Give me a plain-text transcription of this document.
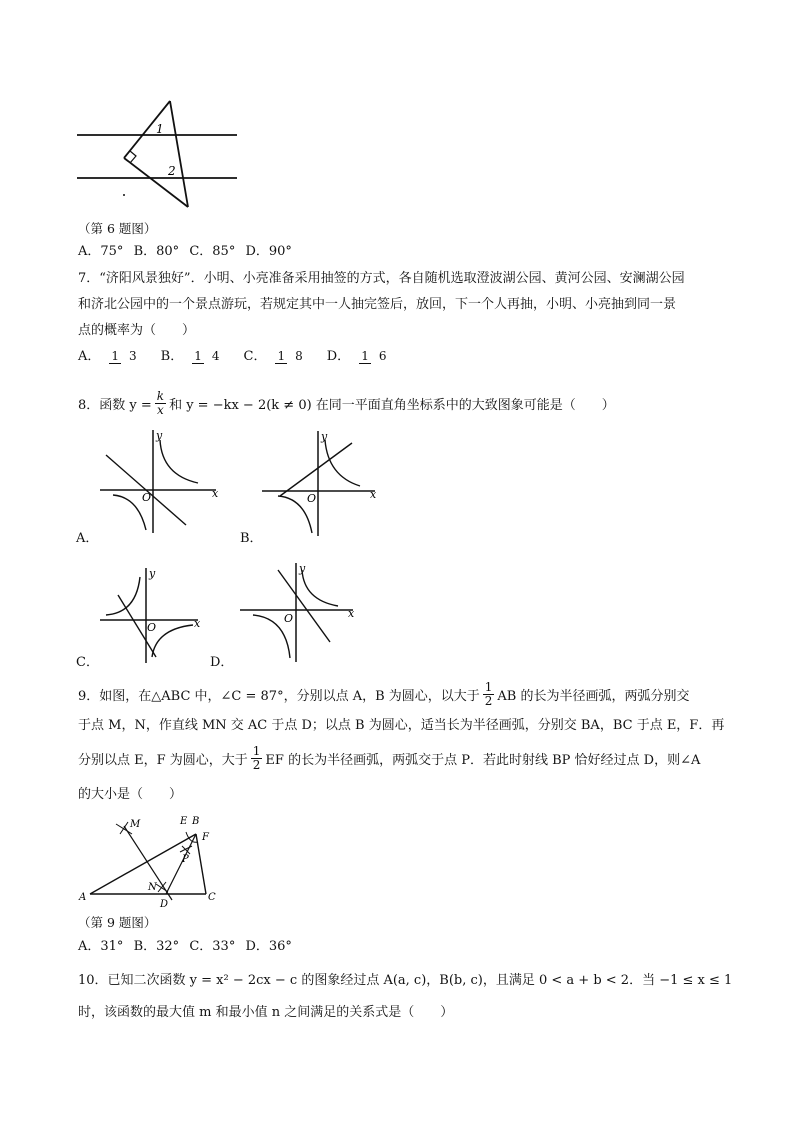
1
2
（第 6 题图）
A．75° B．80° C．85° D．90°
7．“济阳风景独好”．小明、小亮准备采用抽签的方式，各自随机选取澄波湖公园、黄河公园、安澜湖公园
和济北公园中的一个景点游玩，若规定其中一人抽完签后，放回，下一个人再抽，小明、小亮抽到同一景
点的概率为（　　）
A． 1 3	B． 1 4	C． 1 8	D． 1 6
8．函数 $y = \frac{k}{x}$ 和 y = −kx − 2(k ≠ 0) 在同一平面直角坐标系中的大致图象可能是（　　）
y
x
O
A．
y
x
O
B．
y
x
O
C．
y
x
O
D．
9．如图，在△ABC 中，∠C = 87°，分别以点 A，B 为圆心，以大于 $\frac{1}{2}$ AB 的长为半径画弧，两弧分别交
于点 M，N，作直线 MN 交 AC 于点 D；以点 B 为圆心，适当长为半径画弧，分别交 BA，BC 于点 E，F．再
分别以点 E，F 为圆心，大于 $\frac{1}{2}$ EF 的长为半径画弧，两弧交于点 P．若此时射线 BP 恰好经过点 D，则∠A
的大小是（　　）
M	E B
F
P
A
N
D
C
（第 9 题图）
A．31° B．32° C．33° D．36°
10．已知二次函数 y = x² − 2cx − c 的图象经过点 A(a, c)，B(b, c)，且满足 0 < a + b < 2．当 −1 ≤ x ≤ 1
时，该函数的最大值 m 和最小值 n 之间满足的关系式是（　　）
